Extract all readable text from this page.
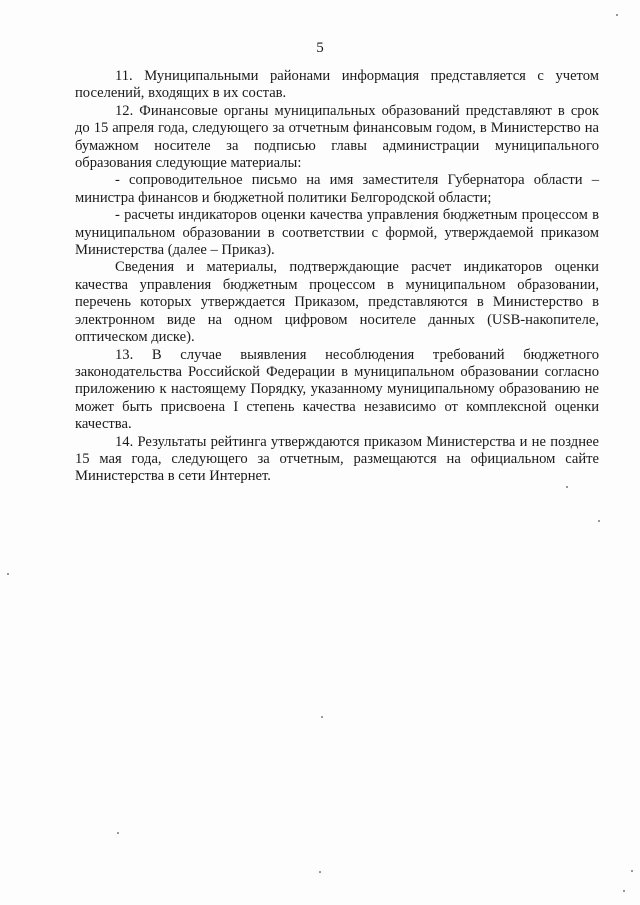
5

11. Муниципальными районами информация представляется с учетом поселений, входящих в их состав.

12. Финансовые органы муниципальных образований представляют в срок до 15 апреля года, следующего за отчетным финансовым годом, в Министерство на бумажном носителе за подписью главы администрации муниципального образования следующие материалы:

- сопроводительное письмо на имя заместителя Губернатора области – министра финансов и бюджетной политики Белгородской области;

- расчеты индикаторов оценки качества управления бюджетным процессом в муниципальном образовании в соответствии с формой, утверждаемой приказом Министерства (далее – Приказ).

Сведения и материалы, подтверждающие расчет индикаторов оценки качества управления бюджетным процессом в муниципальном образовании, перечень которых утверждается Приказом, представляются в Министерство в электронном виде на одном цифровом носителе данных (USB-накопителе, оптическом диске).

13. В случае выявления несоблюдения требований бюджетного законодательства Российской Федерации в муниципальном образовании согласно приложению к настоящему Порядку, указанному муниципальному образованию не может быть присвоена I степень качества независимо от комплексной оценки качества.

14. Результаты рейтинга утверждаются приказом Министерства и не позднее 15 мая года, следующего за отчетным, размещаются на официальном сайте Министерства в сети Интернет.
